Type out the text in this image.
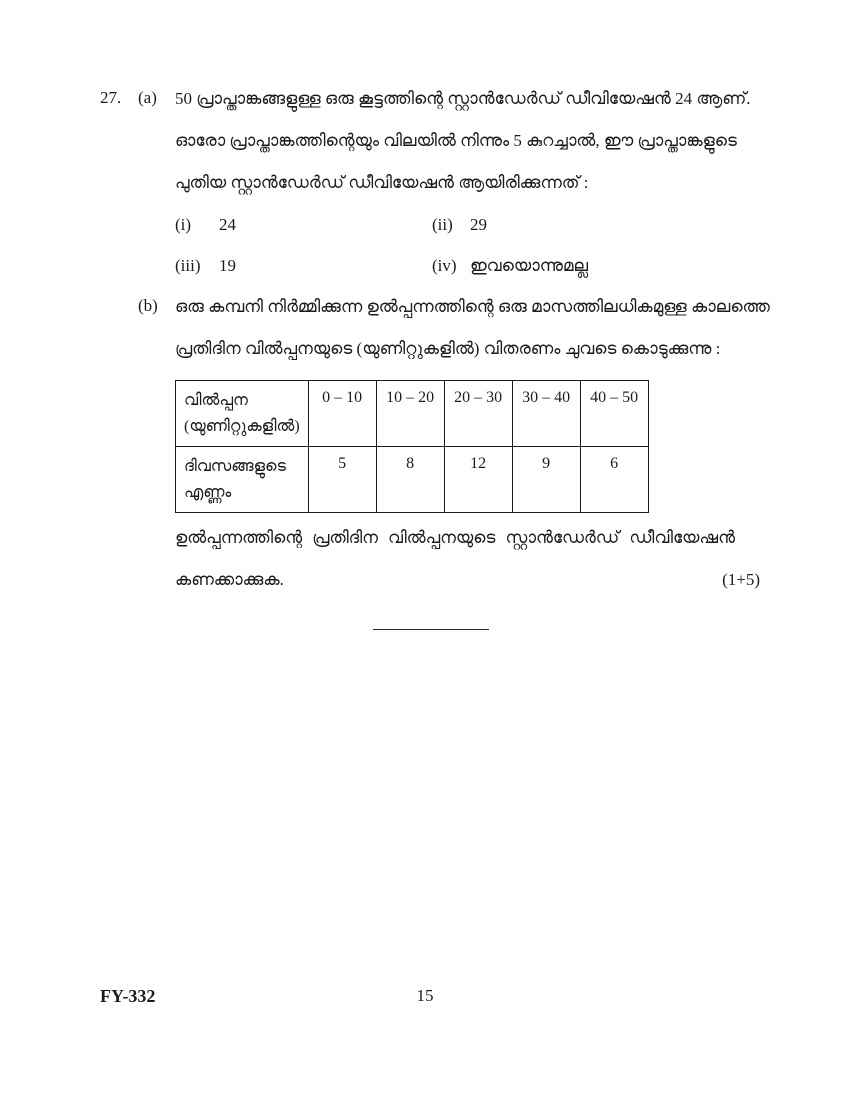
27. (a)	50 പ്രാപ്താങ്കങ്ങളുള്ള ഒരു കൂട്ടത്തിന്റെ സ്റ്റാൻഡേർഡ് ഡീവിയേഷൻ 24 ആണ്.
ഓരോ പ്രാപ്താങ്കത്തിന്റെയും വിലയിൽ നിന്നും 5 കുറച്ചാൽ, ഈ പ്രാപ്താങ്കളുടെ
പുതിയ സ്റ്റാൻഡേർഡ് ഡീവിയേഷൻ ആയിരിക്കുന്നത് :
(i)	24	(ii)	29
(iii)	19	(iv) ഇവയൊന്നുമല്ല
(b)	ഒരു കമ്പനി നിർമ്മിക്കുന്ന ഉൽപ്പന്നത്തിന്റെ ഒരു മാസത്തിലധികമുള്ള കാലത്തെ
പ്രതിദിന വിൽപ്പനയുടെ (യുണിറ്റുകളിൽ) വിതരണം ചുവടെ കൊടുക്കുന്നു :
വിൽപ്പന
(യുണിറ്റുകളിൽ)	0 – 10	10 – 20	20 – 30	30 – 40	40 – 50

ദിവസങ്ങളുടെ
എണ്ണം	5	8	12	9	6
ഉൽപ്പന്നത്തിന്റെ പ്രതിദിന വിൽപ്പനയുടെ സ്റ്റാൻഡേർഡ് ഡീവിയേഷൻ
കണക്കാക്കുക.	(1+5)
FY-332	15
